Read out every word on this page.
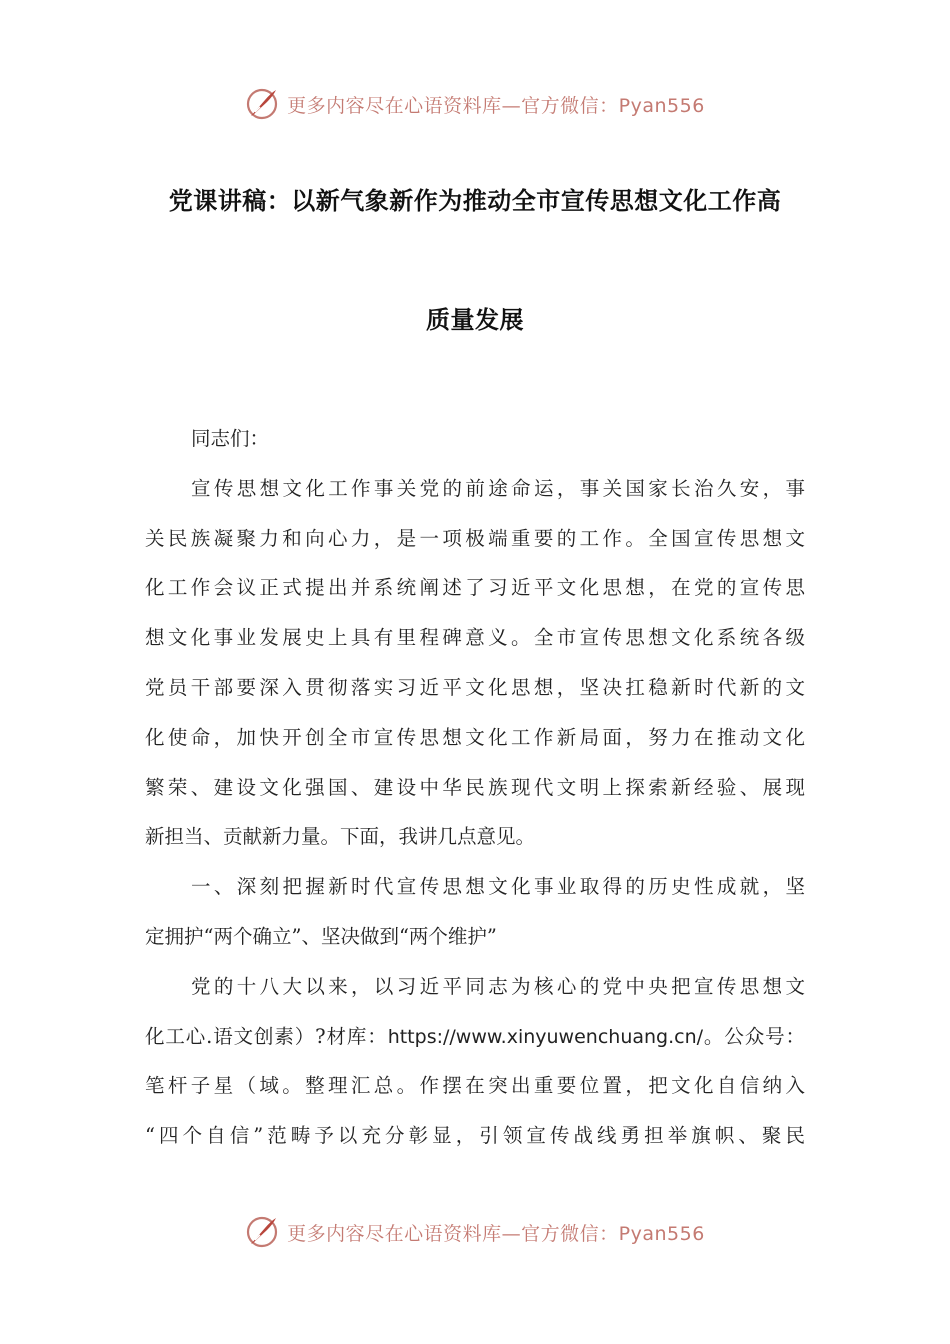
更多内容尽在心语资料库—官方微信：Pyan556
党课讲稿：以新气象新作为推动全市宣传思想文化工作高
质量发展
同志们：
宣传思想文化工作事关党的前途命运，事关国家长治久安，事
关民族凝聚力和向心力，是一项极端重要的工作。全国宣传思想文
化工作会议正式提出并系统阐述了习近平文化思想，在党的宣传思
想文化事业发展史上具有里程碑意义。全市宣传思想文化系统各级
党员干部要深入贯彻落实习近平文化思想，坚决扛稳新时代新的文
化使命，加快开创全市宣传思想文化工作新局面，努力在推动文化
繁荣、建设文化强国、建设中华民族现代文明上探索新经验、展现
新担当、贡献新力量。下面，我讲几点意见。
一、深刻把握新时代宣传思想文化事业取得的历史性成就，坚
定拥护“两个确立”、坚决做到“两个维护”
党的十八大以来，以习近平同志为核心的党中央把宣传思想文
化工心.语文创素）?材库：https://www.xinyuwenchuang.cn/。公众号：
笔杆子星（域。整理汇总。作摆在突出重要位置，把文化自信纳入
“四个自信”范畴予以充分彰显，引领宣传战线勇担举旗帜、聚民
更多内容尽在心语资料库—官方微信：Pyan556
